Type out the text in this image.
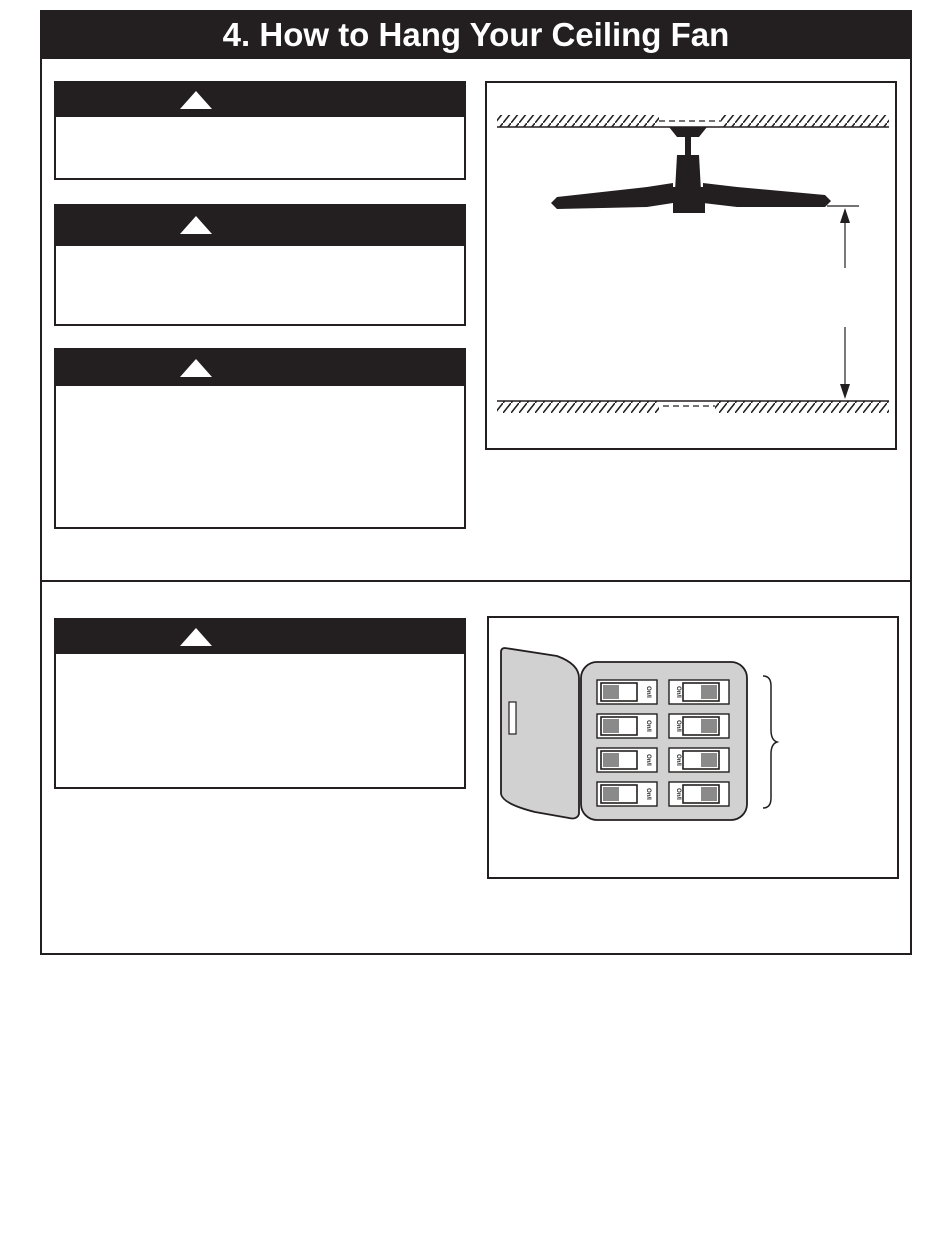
4. How to Hang Your Ceiling Fan
On/I	On/I
On/I	On/I
On/I	On/I
On/I	On/I
